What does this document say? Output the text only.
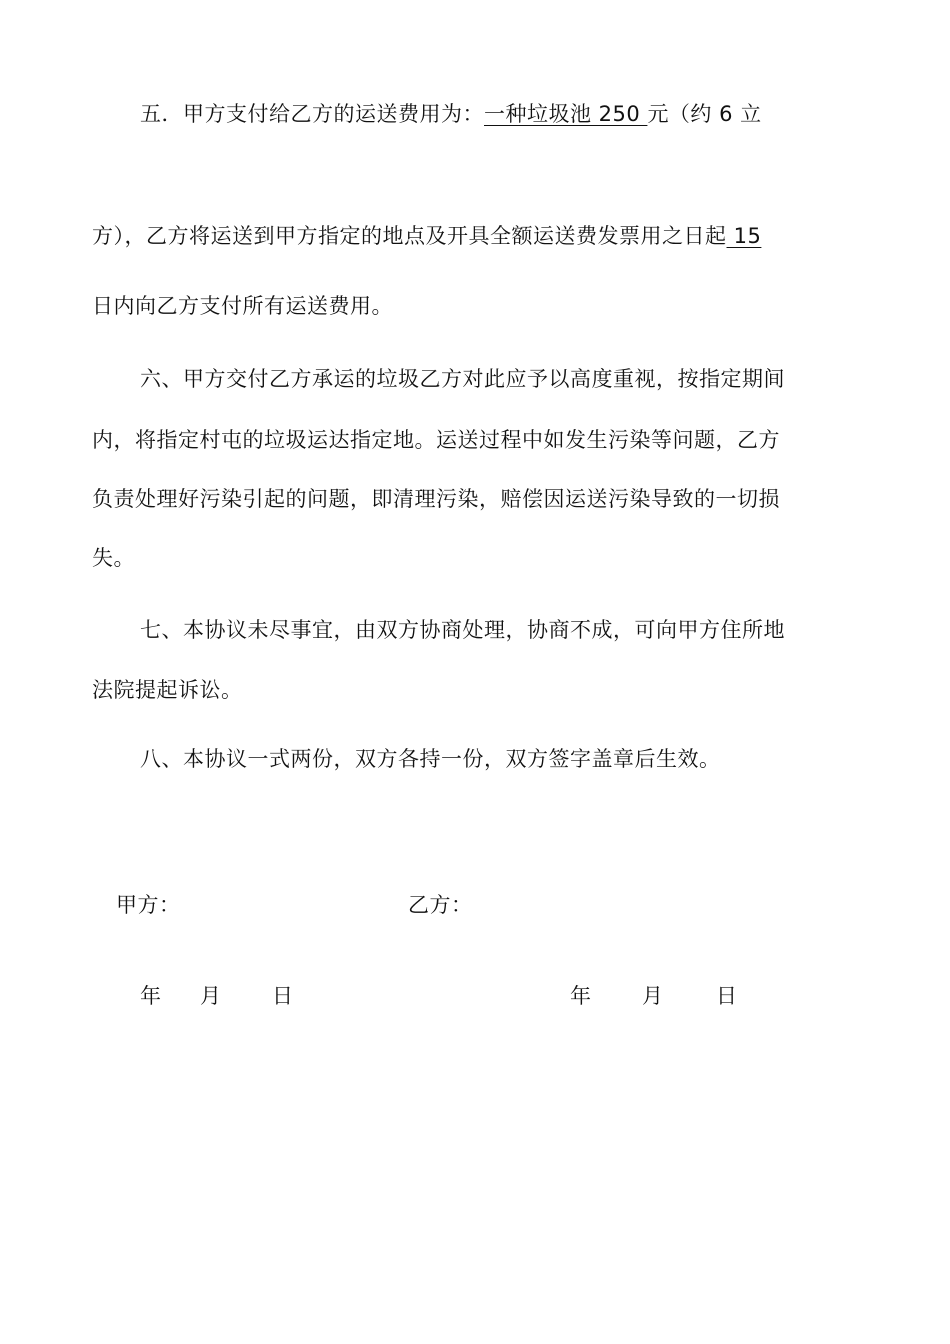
五．甲方支付给乙方的运送费用为：一种垃圾池 250 元（约 6 立
方），乙方将运送到甲方指定的地点及开具全额运送费发票用之日起 15
日内向乙方支付所有运送费用。
六、甲方交付乙方承运的垃圾乙方对此应予以高度重视，按指定期间
内，将指定村屯的垃圾运达指定地。运送过程中如发生污染等问题，乙方
负责处理好污染引起的问题，即清理污染，赔偿因运送污染导致的一切损
失。
七、本协议未尽事宜，由双方协商处理，协商不成，可向甲方住所地
法院提起诉讼。
八、本协议一式两份，双方各持一份，双方签字盖章后生效。
甲方：	乙方：
年 月 日	年 月	日
